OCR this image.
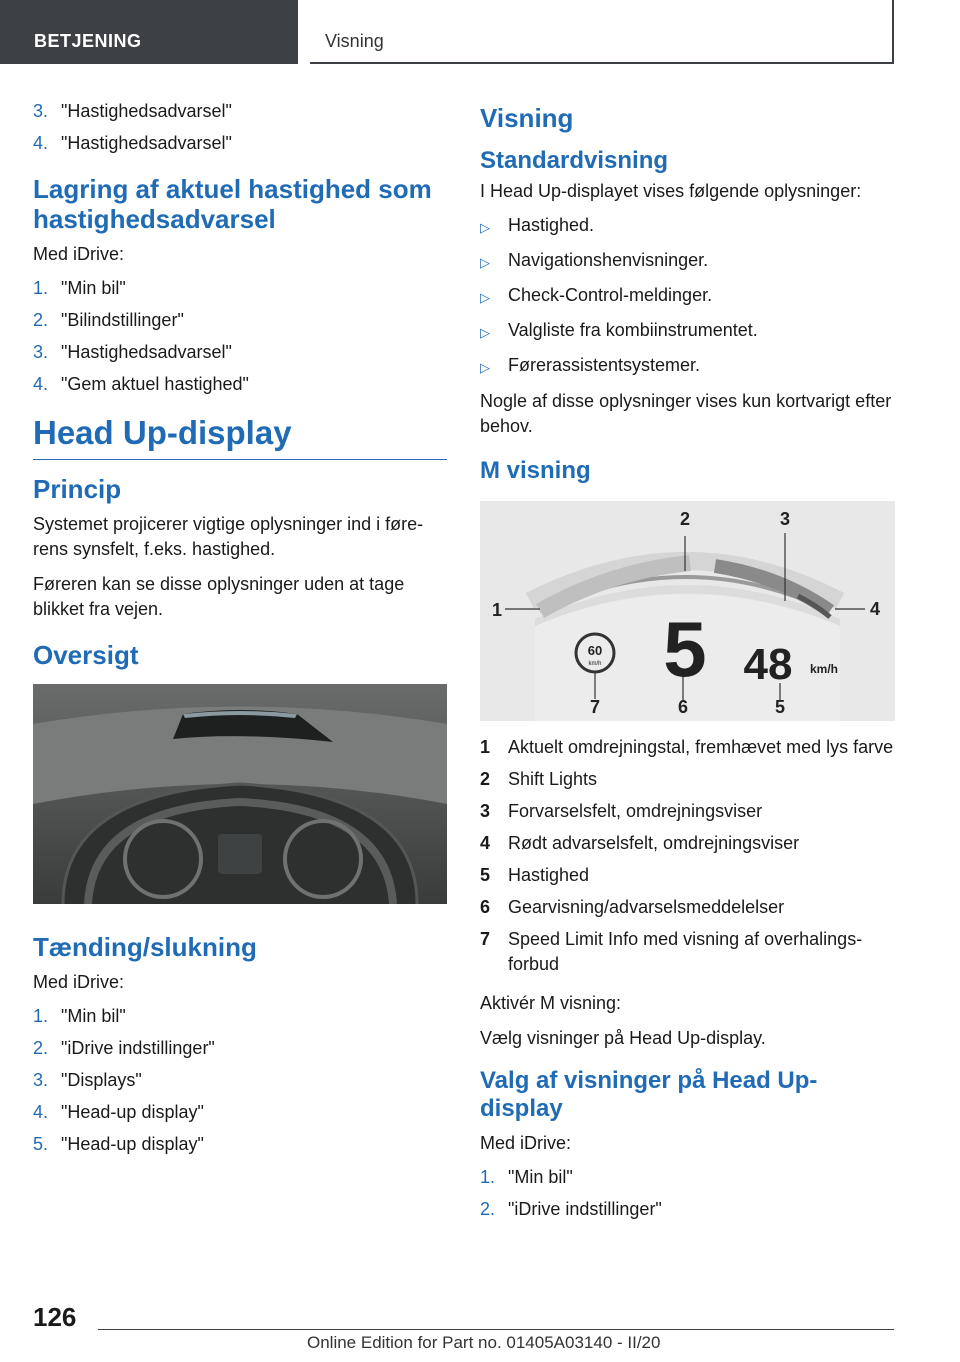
BETJENING	Visning
3. "Hastighedsadvarsel"
4. "Hastighedsadvarsel"
Lagring af aktuel hastighed som hastighedsadvarsel

Med iDrive:

1. "Min bil"
2. "Bilindstillinger"
3. "Hastighedsadvarsel"
4. "Gem aktuel hastighed"
Head Up-display
Princip

Systemet projicerer vigtige oplysninger ind i førerens synsfelt, f.eks. hastighed.

Føreren kan se disse oplysninger uden at tage blikket fra vejen.

Oversigt
Tænding/slukning

Med iDrive:

1. "Min bil"
2. "iDrive indstillinger"
3. "Displays"
4. "Head-up display"
5. "Head-up display"
Visning
Standardvisning

I Head Up-displayet vises følgende oplysninger:

▷	Hastighed.
▷	Navigationshenvisninger.
▷	Check-Control-meldinger.
▷	Valgliste fra kombiinstrumentet.
▷	Førerassistentsystemer.

Nogle af disse oplysninger vises kun kortvarigt efter behov.

M visning
60
km/h 5 48 km/h
1
2	3
4
5
6
7
1 Aktuelt omdrejningstal, fremhævet med lys farve
2 Shift Lights
3 Forvarselsfelt, omdrejningsviser
4 Rødt advarselsfelt, omdrejningsviser
5 Hastighed
6 Gearvisning/advarselsmeddelelser
7 Speed Limit Info med visning af overhalingsforbud

Aktivér M visning:

Vælg visninger på Head Up-display.

Valg af visninger på Head Up-display

Med iDrive:

1. "Min bil"
2. "iDrive indstillinger"
126
Online Edition for Part no. 01405A03140 - II/20
